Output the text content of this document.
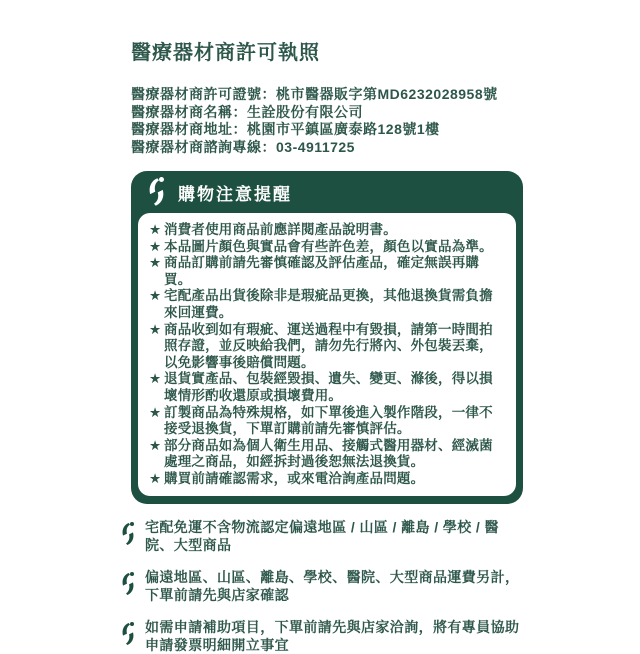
醫療器材商許可執照
醫療器材商許可證號：桃市醫器販字第MD6232028958號
醫療器材商名稱：生詮股份有限公司
醫療器材商地址：桃園市平鎮區廣泰路128號1樓
醫療器材商諮詢專線：03-4911725
購物注意提醒
★ 消費者使用商品前應詳閱產品說明書。
★ 本品圖片顏色與實品會有些許色差，顏色以實品為準。
★ 商品訂購前請先審慎確認及評估產品，確定無誤再購買。
★ 宅配產品出貨後除非是瑕疵品更換，其他退換貨需負擔來回運費。
★ 商品收到如有瑕疵、運送過程中有毀損，請第一時間拍照存證，並反映給我們，請勿先行將內、外包裝丟棄，以免影響事後賠償問題。
★ 退貨實產品、包裝經毀損、遺失、變更、滌後，得以損壞情形酌收還原或損壞費用。
★ 訂製商品為特殊規格，如下單後進入製作階段，一律不接受退換貨，下單訂購前請先審慎評估。
★ 部分商品如為個人衛生用品、接觸式醫用器材、經滅菌處理之商品，如經拆封過後恕無法退換貨。
★ 購買前請確認需求，或來電洽詢產品問題。
宅配免運不含物流認定偏遠地區 / 山區 / 離島 / 學校 / 醫院、大型商品
偏遠地區、山區、離島、學校、醫院、大型商品運費另計，下單前請先與店家確認
如需申請補助項目，下單前請先與店家洽詢，將有專員協助申請發票明細開立事宜
